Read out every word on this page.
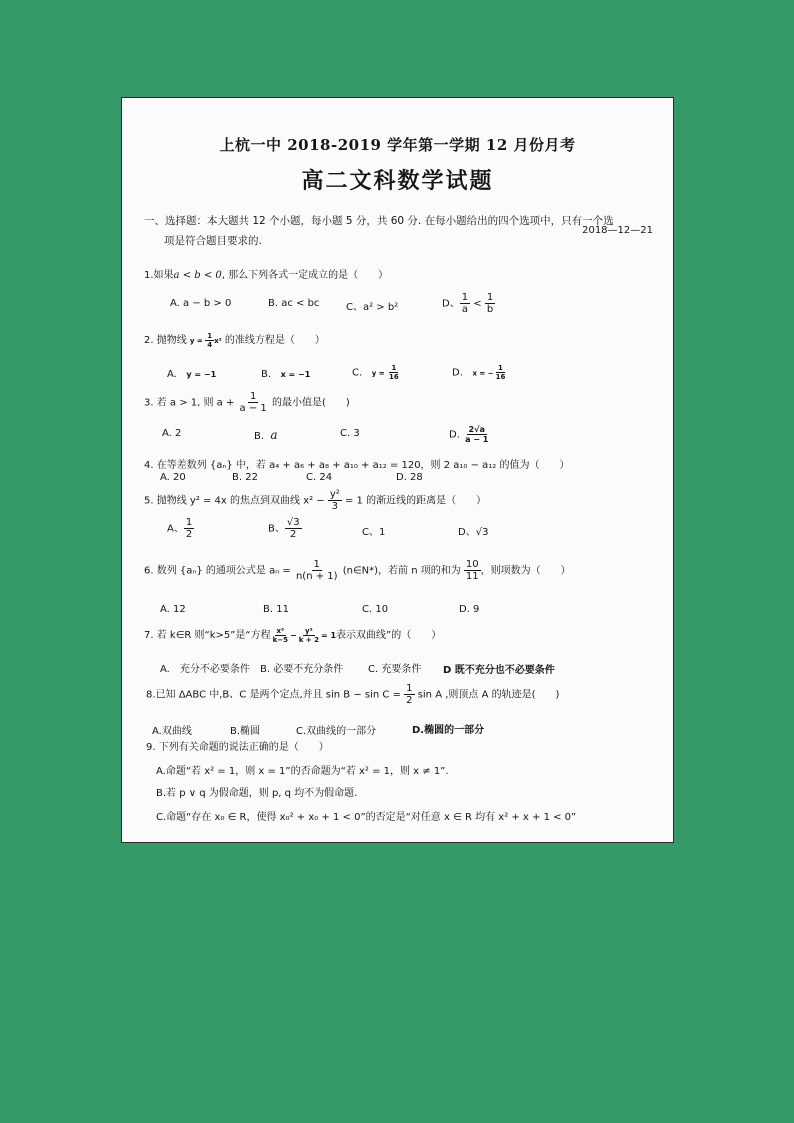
上杭一中 2018-2019 学年第一学期 12 月份月考
高二文科数学试题
2018—12—21
一、选择题：本大题共 12 个小题，每小题 5 分，共 60 分. 在每小题给出的四个选项中，只有一个选
项是符合题目要求的.
1.如果a < b < 0, 那么下列各式一定成立的是（　　）
A. a − b > 0	B. ac < bc	C、a² > b²	D、 $\frac{1}{a} < \frac{1}{b}$
2. 抛物线 $y = \frac{1}{4} x^2$ 的准线方程是（　　）
A. y = −1	B. x = −1	C. $y = \frac{1}{16}$	D. x = − $\frac{1}{16}$
3. 若 a > 1, 则 $a + \frac{1}{a - 1}$ 的最小值是(　　)
A. 2	B. a	C. 3	D. $\frac{2√a}{a - 1}$
4. 在等差数列 {aₙ} 中，若 a₄ + a₆ + a₈ + a₁₀ + a₁₂ = 120，则 2 a₁₀ − a₁₂ 的值为（　　）
A. 20	B. 22	C. 24	D. 28
5. 抛物线 y² = 4x 的焦点到双曲线 $x^2 - \frac{\text{y²}}{3} = 1$ 的渐近线的距离是（　　）
A、 $\frac{1}{2}$	B、 $\frac{√3}{2}$	C、1	D、√3
6. 数列 {aₙ} 的通项公式是 $a_n = \frac{1}{n(n + 1)}$ (n∈N*)，若前 n 项的和为 $\frac{10}{11}$ ，则项数为（　　）
A. 12	B. 11	C. 10	D. 9
7. 若 k∈R 则“k>5”是“方程 $\frac{\text{x²}}{k-5} - \frac{\text{y²}}{k + 2} = 1$表示双曲线”的（　　）
A.　充分不必要条件 B. 必要不充分条件 C. 充要条件 D 既不充分也不必要条件
8.已知 ΔABC 中,B、C 是两个定点,并且 $\sin B - \sin C = \frac{1}{2}$ sin A ,则顶点 A 的轨迹是(　　)
A.双曲线	B.椭圆	C.双曲线的一部分	D.椭圆的一部分
9. 下列有关命题的说法正确的是（　　）
A.命题“若 x² = 1，则 x = 1”的否命题为“若 x² = 1，则 x ≠ 1”.
B.若 p ∨ q 为假命题，则 p, q 均不为假命题.
C.命题“存在 x₀ ∈ R，使得 x₀² + x₀ + 1 < 0”的否定是“对任意 x ∈ R 均有 x² + x + 1 < 0”
